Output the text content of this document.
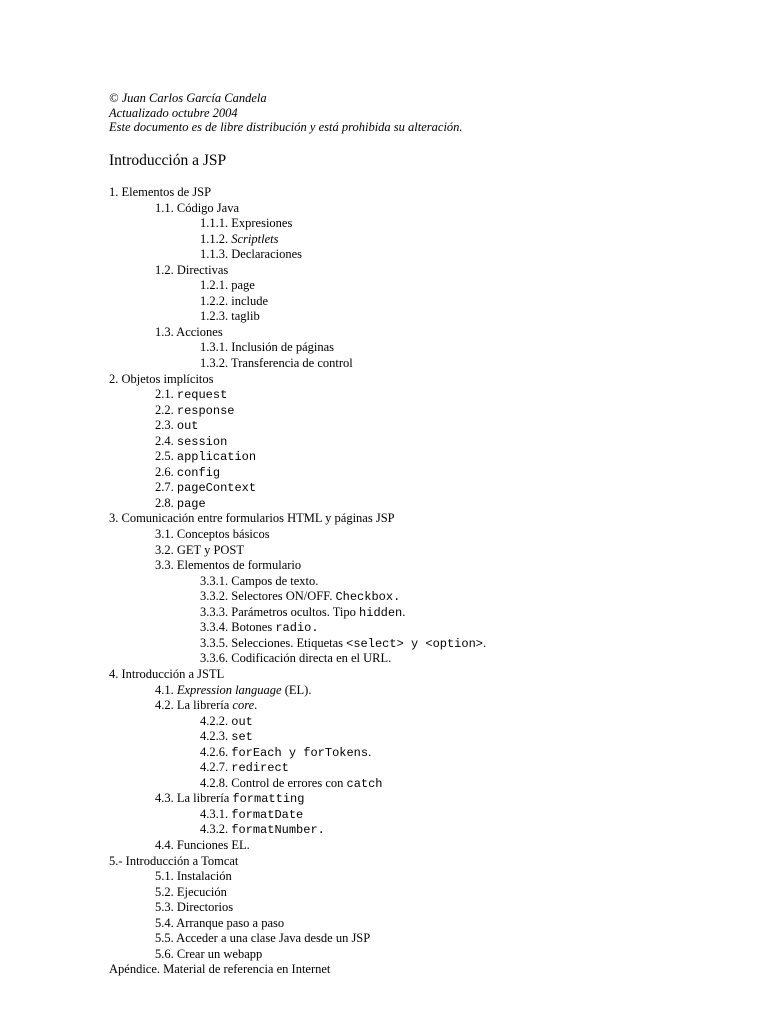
© Juan Carlos García Candela
Actualizado octubre 2004
Este documento es de libre distribución y está prohibida su alteración.
Introducción a JSP
1. Elementos de JSP
1.1. Código Java
1.1.1. Expresiones
1.1.2. Scriptlets
1.1.3. Declaraciones
1.2. Directivas
1.2.1. page
1.2.2. include
1.2.3. taglib
1.3. Acciones
1.3.1. Inclusión de páginas
1.3.2. Transferencia de control
2. Objetos implícitos
2.1. request
2.2. response
2.3. out
2.4. session
2.5. application
2.6. config
2.7. pageContext
2.8. page
3. Comunicación entre formularios HTML y páginas JSP
3.1. Conceptos básicos
3.2. GET y POST
3.3. Elementos de formulario
3.3.1. Campos de texto.
3.3.2. Selectores ON/OFF. Checkbox.
3.3.3. Parámetros ocultos. Tipo hidden.
3.3.4. Botones radio.
3.3.5. Selecciones. Etiquetas <select> y <option>.
3.3.6. Codificación directa en el URL.
4. Introducción a JSTL
4.1. Expression language (EL).
4.2. La librería core.
4.2.2. out
4.2.3. set
4.2.6. forEach y forTokens.
4.2.7. redirect
4.2.8. Control de errores con catch
4.3. La librería formatting
4.3.1. formatDate
4.3.2. formatNumber.
4.4. Funciones EL.
5.- Introducción a Tomcat
5.1. Instalación
5.2. Ejecución
5.3. Directorios
5.4. Arranque paso a paso
5.5. Acceder a una clase Java desde un JSP
5.6. Crear un webapp
Apéndice. Material de referencia en Internet
